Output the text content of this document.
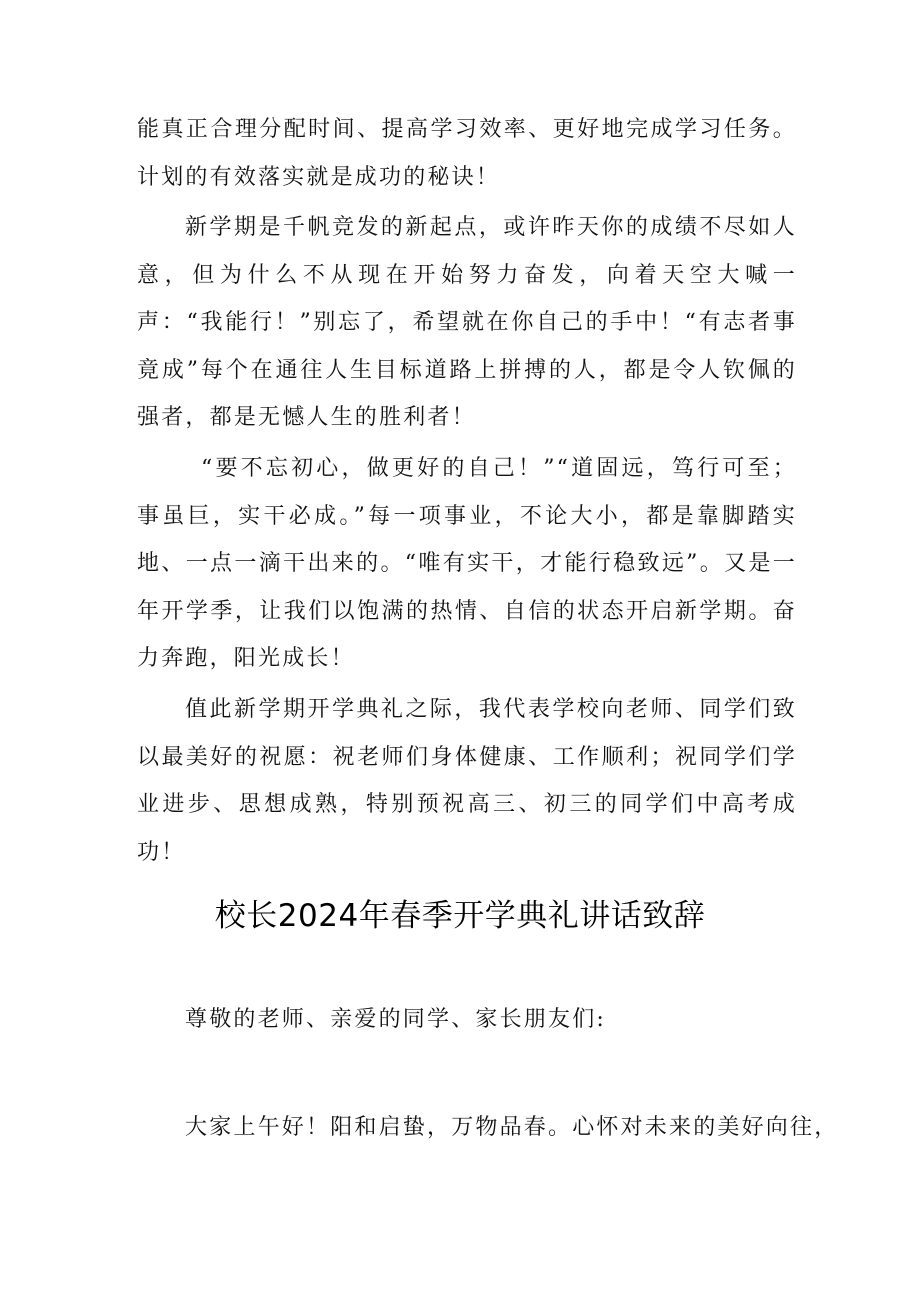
能真正合理分配时间、提高学习效率、更好地完成学习任务。计划的有效落实就是成功的秘诀！

新学期是千帆竞发的新起点，或许昨天你的成绩不尽如人意，但为什么不从现在开始努力奋发，向着天空大喊一声：“我能行！”别忘了，希望就在你自己的手中！“有志者事竟成”每个在通往人生目标道路上拼搏的人，都是令人钦佩的强者，都是无憾人生的胜利者！

“要不忘初心，做更好的自己！”“道固远，笃行可至；事虽巨，实干必成。”每一项事业，不论大小，都是靠脚踏实地、一点一滴干出来的。“唯有实干，才能行稳致远”。又是一年开学季，让我们以饱满的热情、自信的状态开启新学期。奋力奔跑，阳光成长！

值此新学期开学典礼之际，我代表学校向老师、同学们致以最美好的祝愿：祝老师们身体健康、工作顺利；祝同学们学业进步、思想成熟，特别预祝高三、初三的同学们中高考成功！

校长2024年春季开学典礼讲话致辞

尊敬的老师、亲爱的同学、家长朋友们:

大家上午好！阳和启蛰，万物品春。心怀对未来的美好向往，
